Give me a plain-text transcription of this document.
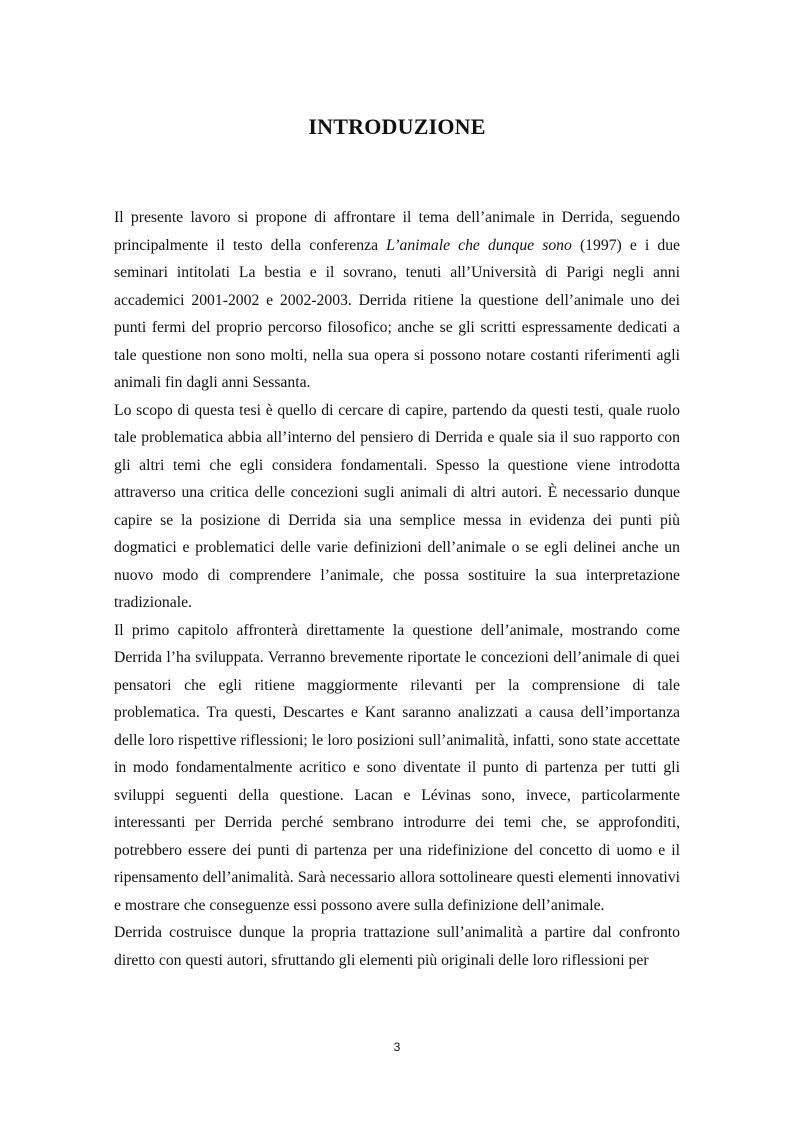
INTRODUZIONE

Il presente lavoro si propone di affrontare il tema dell’animale in Derrida, seguendo principalmente il testo della conferenza L’animale che dunque sono (1997) e i due seminari intitolati La bestia e il sovrano, tenuti all’Università di Parigi negli anni accademici 2001-2002 e 2002-2003. Derrida ritiene la questione dell’animale uno dei punti fermi del proprio percorso filosofico; anche se gli scritti espressamente dedicati a tale questione non sono molti, nella sua opera si possono notare costanti riferimenti agli animali fin dagli anni Sessanta.

Lo scopo di questa tesi è quello di cercare di capire, partendo da questi testi, quale ruolo tale problematica abbia all’interno del pensiero di Derrida e quale sia il suo rapporto con gli altri temi che egli considera fondamentali. Spesso la questione viene introdotta attraverso una critica delle concezioni sugli animali di altri autori. È necessario dunque capire se la posizione di Derrida sia una semplice messa in evidenza dei punti più dogmatici e problematici delle varie definizioni dell’animale o se egli delinei anche un nuovo modo di comprendere l’animale, che possa sostituire la sua interpretazione tradizionale.

Il primo capitolo affronterà direttamente la questione dell’animale, mostrando come Derrida l’ha sviluppata. Verranno brevemente riportate le concezioni dell’animale di quei pensatori che egli ritiene maggiormente rilevanti per la comprensione di tale problematica. Tra questi, Descartes e Kant saranno analizzati a causa dell’importanza delle loro rispettive riflessioni; le loro posizioni sull’animalità, infatti, sono state accettate in modo fondamentalmente acritico e sono diventate il punto di partenza per tutti gli sviluppi seguenti della questione. Lacan e Lévinas sono, invece, particolarmente interessanti per Derrida perché sembrano introdurre dei temi che, se approfonditi, potrebbero essere dei punti di partenza per una ridefinizione del concetto di uomo e il ripensamento dell’animalità. Sarà necessario allora sottolineare questi elementi innovativi e mostrare che conseguenze essi possono avere sulla definizione dell’animale.

Derrida costruisce dunque la propria trattazione sull’animalità a partire dal confronto diretto con questi autori, sfruttando gli elementi più originali delle loro riflessioni per

3
